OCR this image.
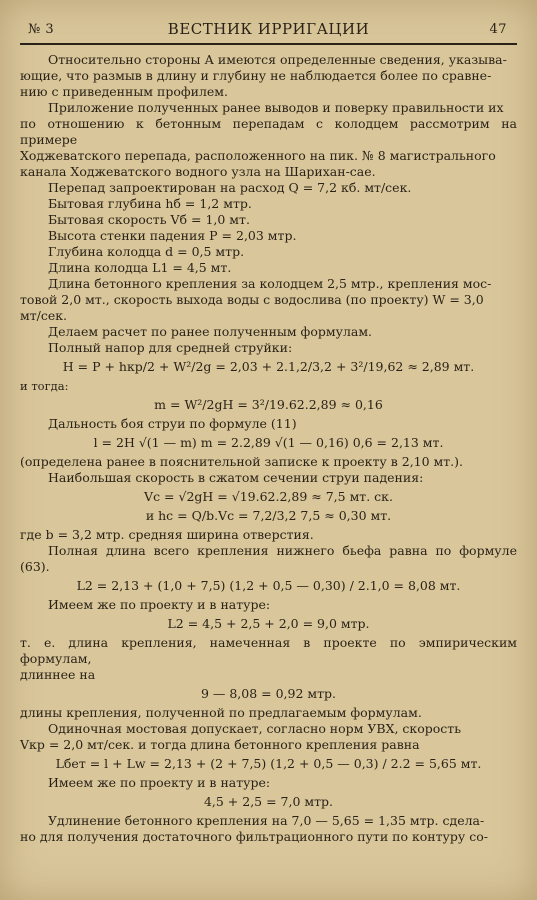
№ 3	ВЕСТНИК ИРРИГАЦИИ	47
Относительно стороны А имеются определенные сведения, указыва-
ющие, что размыв в длину и глубину не наблюдается более по сравне-
нию с приведенным профилем.
Приложение полученных ранее выводов и поверку правильности их
по отношению к бетонным перепадам с колодцем рассмотрим на примере
Ходжеватского перепада, расположенного на пик. № 8 магистрального
канала Ходжеватского водного узла на Шарихан-сае.
Перепад запроектирован на расход Q = 7,2 кб. мт/сек.
Бытовая глубина hб = 1,2 мтр.
Бытовая скорость Vб = 1,0 мт.
Высота стенки падения P = 2,03 мтр.
Глубина колодца d = 0,5 мтр.
Длина колодца L1 = 4,5 мт.
Длина бетонного крепления за колодцем 2,5 мтр., крепления мос-
товой 2,0 мт., скорость выхода воды с водослива (по проекту) W = 3,0
мт/сек.
Делаем расчет по ранее полученным формулам.
Полный напор для средней струйки:
H = P + hкр/2 + W²/2g = 2,03 + 2.1,2/3,2 + 3²/19,62 ≈ 2,89 мт.
и тогда:
m = W²/2gH = 3²/19.62.2,89 ≈ 0,16
Дальность боя струи по формуле (11)
l = 2H √(1 — m) m = 2.2,89 √(1 — 0,16) 0,6 = 2,13 мт.
(определена ранее в пояснительной записке к проекту в 2,10 мт.).
Наибольшая скорость в сжатом сечении струи падения:
Vc = √2gH = √19.62.2,89 ≈ 7,5 мт. ск.
и hc = Q/b.Vc = 7,2/3,2 7,5 ≈ 0,30 мт.
где b = 3,2 мтр. средняя ширина отверстия.
Полная длина всего крепления нижнего бьефа равна по формуле (63).
L2 = 2,13 + (1,0 + 7,5) (1,2 + 0,5 — 0,30) / 2.1,0 = 8,08 мт.
Имеем же по проекту и в натуре:
L2 = 4,5 + 2,5 + 2,0 = 9,0 мтр.
т. е. длина крепления, намеченная в проекте по эмпирическим формулам,
длиннее на
9 — 8,08 = 0,92 мтр.
длины крепления, полученной по предлагаемым формулам.
Одиночная мостовая допускает, согласно норм УВХ, скорость
Vкр = 2,0 мт/сек. и тогда длина бетонного крепления равна
Lбет = l + Lw = 2,13 + (2 + 7,5) (1,2 + 0,5 — 0,3) / 2.2 = 5,65 мт.
Имеем же по проекту и в натуре:
4,5 + 2,5 = 7,0 мтр.
Удлинение бетонного крепления на 7,0 — 5,65 = 1,35 мтр. сдела-
но для получения достаточного фильтрационного пути по контуру со-
